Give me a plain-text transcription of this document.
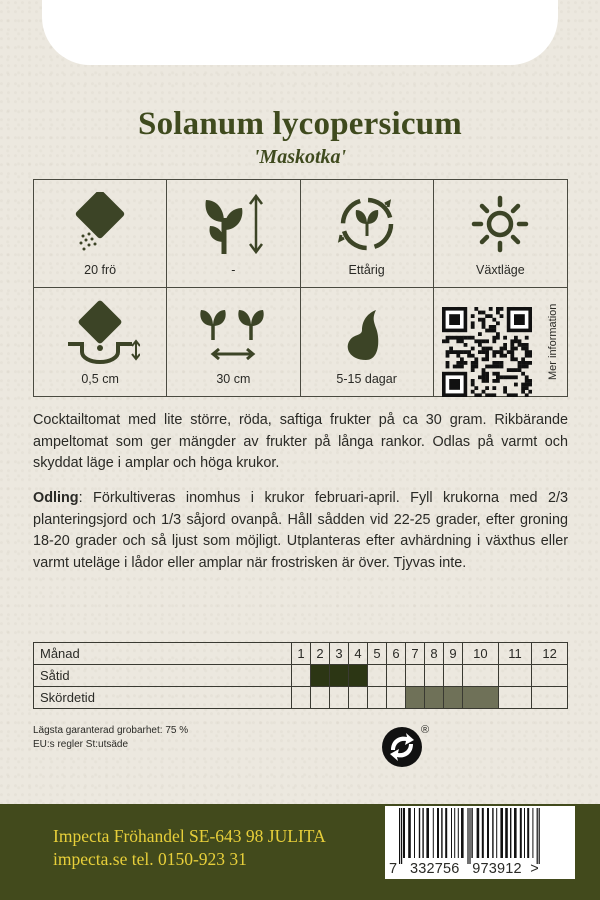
Solanum lycopersicum
'Maskotka'
20 frö	-	Ettårig	Växtläge
0,5 cm	30 cm	5-15 dagar	Mer information
Cocktailtomat med lite större, röda, saftiga frukter på ca 30 gram. Rikbärande ampeltomat som ger mängder av frukter på långa rankor. Odlas på varmt och skyddat läge i amplar och höga krukor.
Odling: Förkultiveras inomhus i krukor februari-april. Fyll krukorna med 2/3 planteringsjord och 1/3 såjord ovanpå. Håll sådden vid 22-25 grader, efter groning 18-20 grader och så ljust som möjligt. Utplanteras efter avhärdning i växthus eller varmt uteläge i lådor eller amplar när frostrisken är över. Tjyvas inte.
Månad	1	2	3	4	5	6	7	8	9	10	11	12
Såtid												
Skördetid												
Lägsta garanterad grobarhet: 75 %
EU:s regler St:utsäde
®
Impecta Fröhandel SE-643 98 JULITA
impecta.se tel. 0150-923 31	7   332756   973912  >
